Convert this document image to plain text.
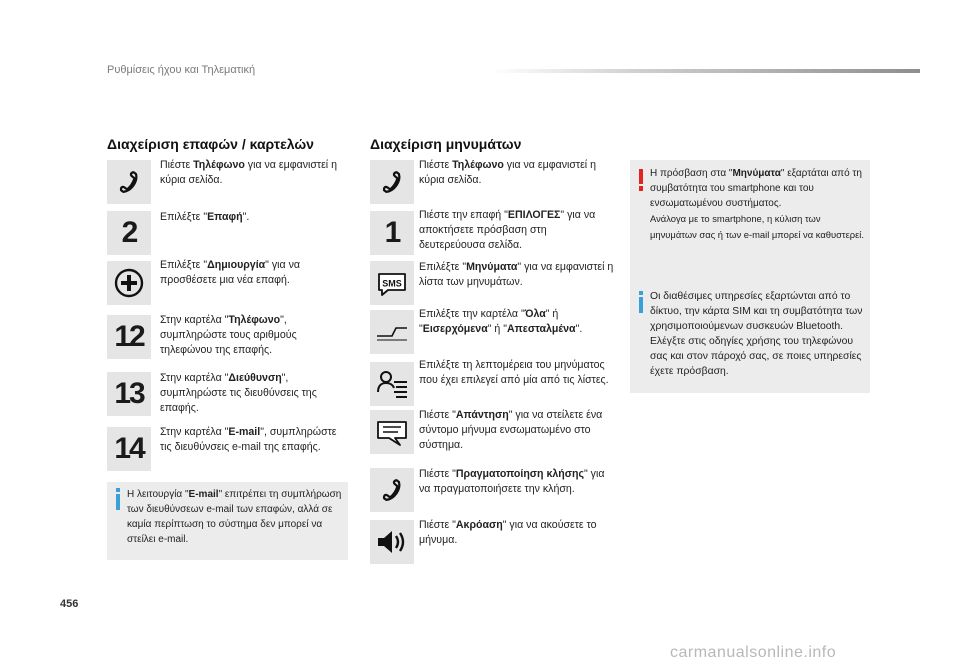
Ρυθμίσεις ήχου και Τηλεματική
Διαχείριση επαφών / καρτελών
Πιέστε Τηλέφωνο για να εμφανιστεί η κύρια σελίδα.
2 Επιλέξτε "Επαφή".
Επιλέξτε "Δημιουργία" για να προσθέσετε μια νέα επαφή.
12 Στην καρτέλα "Τηλέφωνο", συμπληρώστε τους αριθμούς τηλεφώνου της επαφής.
13 Στην καρτέλα "Διεύθυνση", συμπληρώστε τις διευθύνσεις της επαφής.
14 Στην καρτέλα "E-mail", συμπληρώστε τις διευθύνσεις e-mail της επαφής.
Η λειτουργία "E-mail" επιτρέπει τη συμπλήρωση των διευθύνσεων e-mail των επαφών, αλλά σε καμία περίπτωση το σύστημα δεν μπορεί να στείλει e-mail.
Διαχείριση μηνυμάτων
Πιέστε Τηλέφωνο για να εμφανιστεί η κύρια σελίδα.
1
Πιέστε την επαφή "ΕΠΙΛΟΓΕΣ" για να αποκτήσετε πρόσβαση στη δευτερεύουσα σελίδα.
SMS
Επιλέξτε "Μηνύματα" για να εμφανιστεί η λίστα των μηνυμάτων.
Επιλέξτε την καρτέλα "Όλα" ή "Εισερχόμενα" ή "Απεσταλμένα".
Επιλέξτε τη λεπτομέρεια του μηνύματος που έχει επιλεγεί από μία από τις λίστες.
Πιέστε "Απάντηση" για να στείλετε ένα σύντομο μήνυμα ενσωματωμένο στο σύστημα.
Πιέστε "Πραγματοποίηση κλήσης" για να πραγματοποιήσετε την κλήση.
Πιέστε "Ακρόαση" για να ακούσετε το μήνυμα.
Η πρόσβαση στα "Μηνύματα" εξαρτάται από τη συμβατότητα του smartphone και του ενσωματωμένου συστήματος.
Ανάλογα με το smartphone, η κύλιση των μηνυμάτων σας ή των e-mail μπορεί να καθυστερεί.
Οι διαθέσιμες υπηρεσίες εξαρτώνται από το δίκτυο, την κάρτα SIM και τη συμβατότητα των χρησιμοποιούμενων συσκευών Bluetooth.
Ελέγξτε στις οδηγίες χρήσης του τηλεφώνου σας και στον πάροχό σας, σε ποιες υπηρεσίες έχετε πρόσβαση.
456
carmanualsonline.info
